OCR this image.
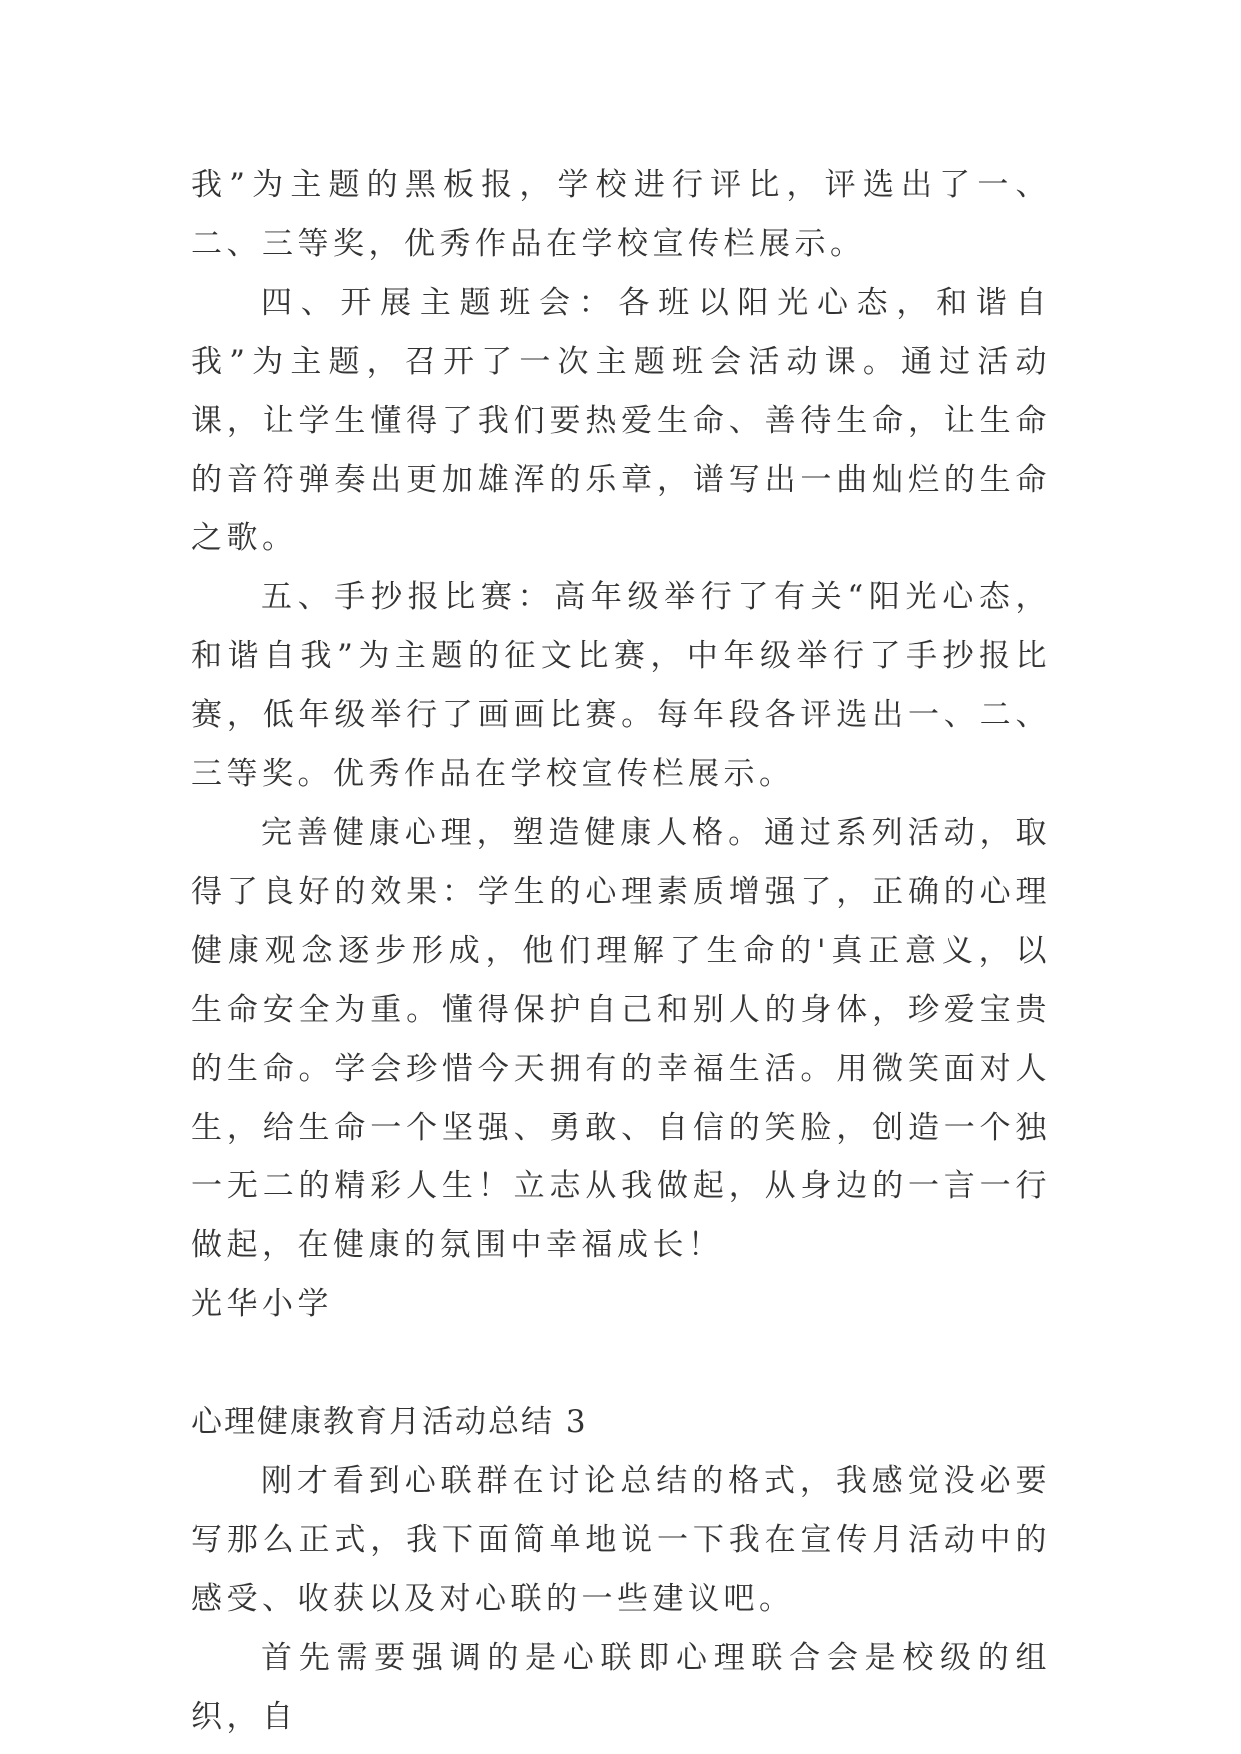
我”为主题的黑板报，学校进行评比，评选出了一、二、三等奖，优秀作品在学校宣传栏展示。

四、开展主题班会：各班以阳光心态，和谐自我”为主题，召开了一次主题班会活动课。通过活动课，让学生懂得了我们要热爱生命、善待生命，让生命的音符弹奏出更加雄浑的乐章，谱写出一曲灿烂的生命之歌。

五、手抄报比赛：高年级举行了有关“阳光心态，和谐自我”为主题的征文比赛，中年级举行了手抄报比赛，低年级举行了画画比赛。每年段各评选出一、二、三等奖。优秀作品在学校宣传栏展示。

完善健康心理，塑造健康人格。通过系列活动，取得了良好的效果：学生的心理素质增强了，正确的心理健康观念逐步形成，他们理解了生命的'真正意义，以生命安全为重。懂得保护自己和别人的身体，珍爱宝贵的生命。学会珍惜今天拥有的幸福生活。用微笑面对人生，给生命一个坚强、勇敢、自信的笑脸，创造一个独一无二的精彩人生！立志从我做起，从身边的一言一行做起，在健康的氛围中幸福成长！

光华小学

心理健康教育月活动总结 3

刚才看到心联群在讨论总结的格式，我感觉没必要写那么正式，我下面简单地说一下我在宣传月活动中的感受、收获以及对心联的一些建议吧。

首先需要强调的是心联即心理联合会是校级的组织，自
